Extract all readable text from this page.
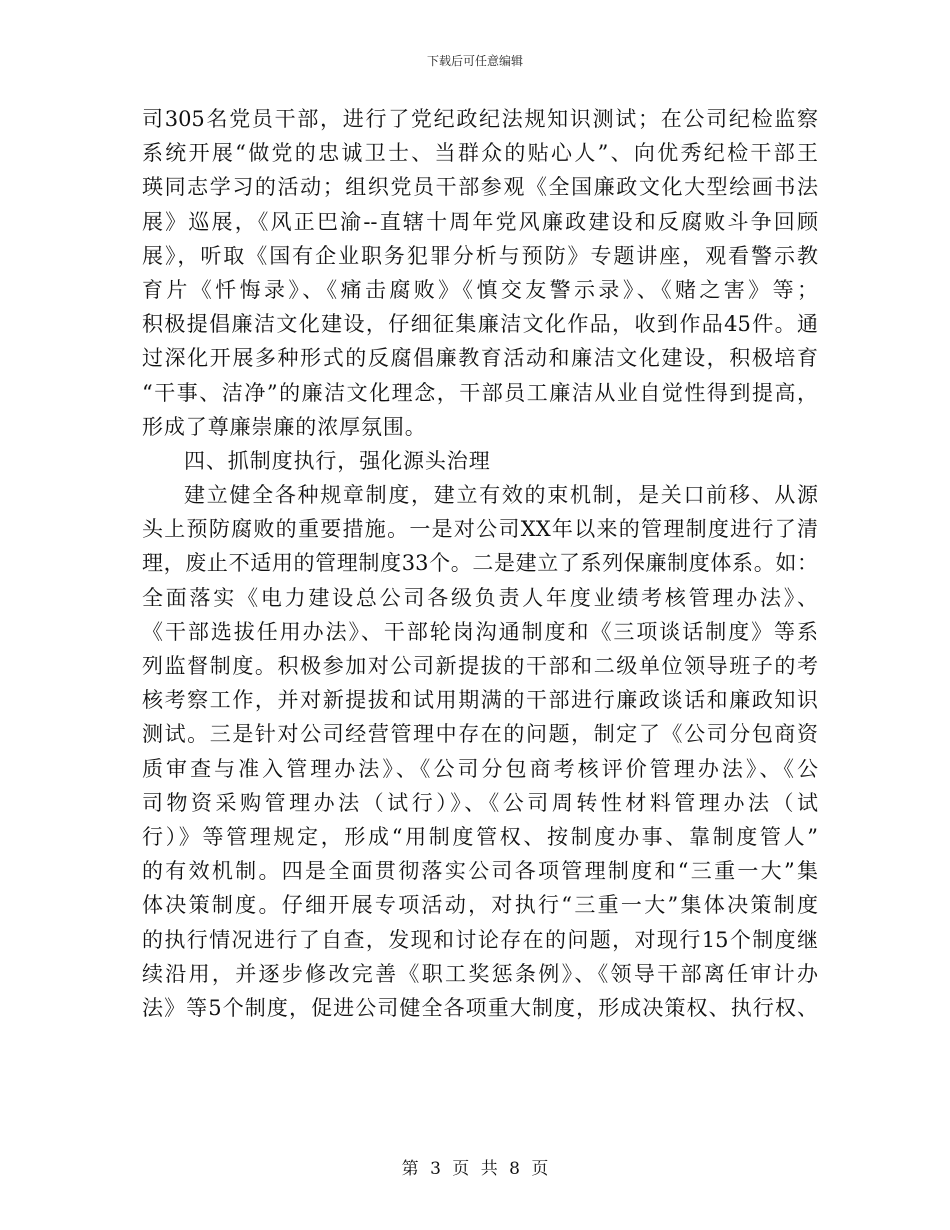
下载后可任意编辑
司305名党员干部，进行了党纪政纪法规知识测试；在公司纪检监察
系统开展“做党的忠诚卫士、当群众的贴心人”、向优秀纪检干部王
瑛同志学习的活动；组织党员干部参观《全国廉政文化大型绘画书法
展》巡展，《风正巴渝--直辖十周年党风廉政建设和反腐败斗争回顾
展》，听取《国有企业职务犯罪分析与预防》专题讲座，观看警示教
育片《忏悔录》、《痛击腐败》《慎交友警示录》、《赌之害》等；
积极提倡廉洁文化建设，仔细征集廉洁文化作品，收到作品45件。通
过深化开展多种形式的反腐倡廉教育活动和廉洁文化建设，积极培育
“干事、洁净”的廉洁文化理念，干部员工廉洁从业自觉性得到提高，
形成了尊廉崇廉的浓厚氛围。
四、抓制度执行，强化源头治理
建立健全各种规章制度，建立有效的束机制，是关口前移、从源
头上预防腐败的重要措施。一是对公司XX年以来的管理制度进行了清
理，废止不适用的管理制度33个。二是建立了系列保廉制度体系。如：
全面落实《电力建设总公司各级负责人年度业绩考核管理办法》、
《干部选拔任用办法》、干部轮岗沟通制度和《三项谈话制度》等系
列监督制度。积极参加对公司新提拔的干部和二级单位领导班子的考
核考察工作，并对新提拔和试用期满的干部进行廉政谈话和廉政知识
测试。三是针对公司经营管理中存在的问题，制定了《公司分包商资
质审查与准入管理办法》、《公司分包商考核评价管理办法》、《公
司物资采购管理办法（试行）》、《公司周转性材料管理办法（试
行）》等管理规定，形成“用制度管权、按制度办事、靠制度管人”
的有效机制。四是全面贯彻落实公司各项管理制度和“三重一大”集
体决策制度。仔细开展专项活动，对执行“三重一大”集体决策制度
的执行情况进行了自查，发现和讨论存在的问题，对现行15个制度继
续沿用，并逐步修改完善《职工奖惩条例》、《领导干部离任审计办
法》等5个制度，促进公司健全各项重大制度，形成决策权、执行权、
第 3 页 共 8 页
